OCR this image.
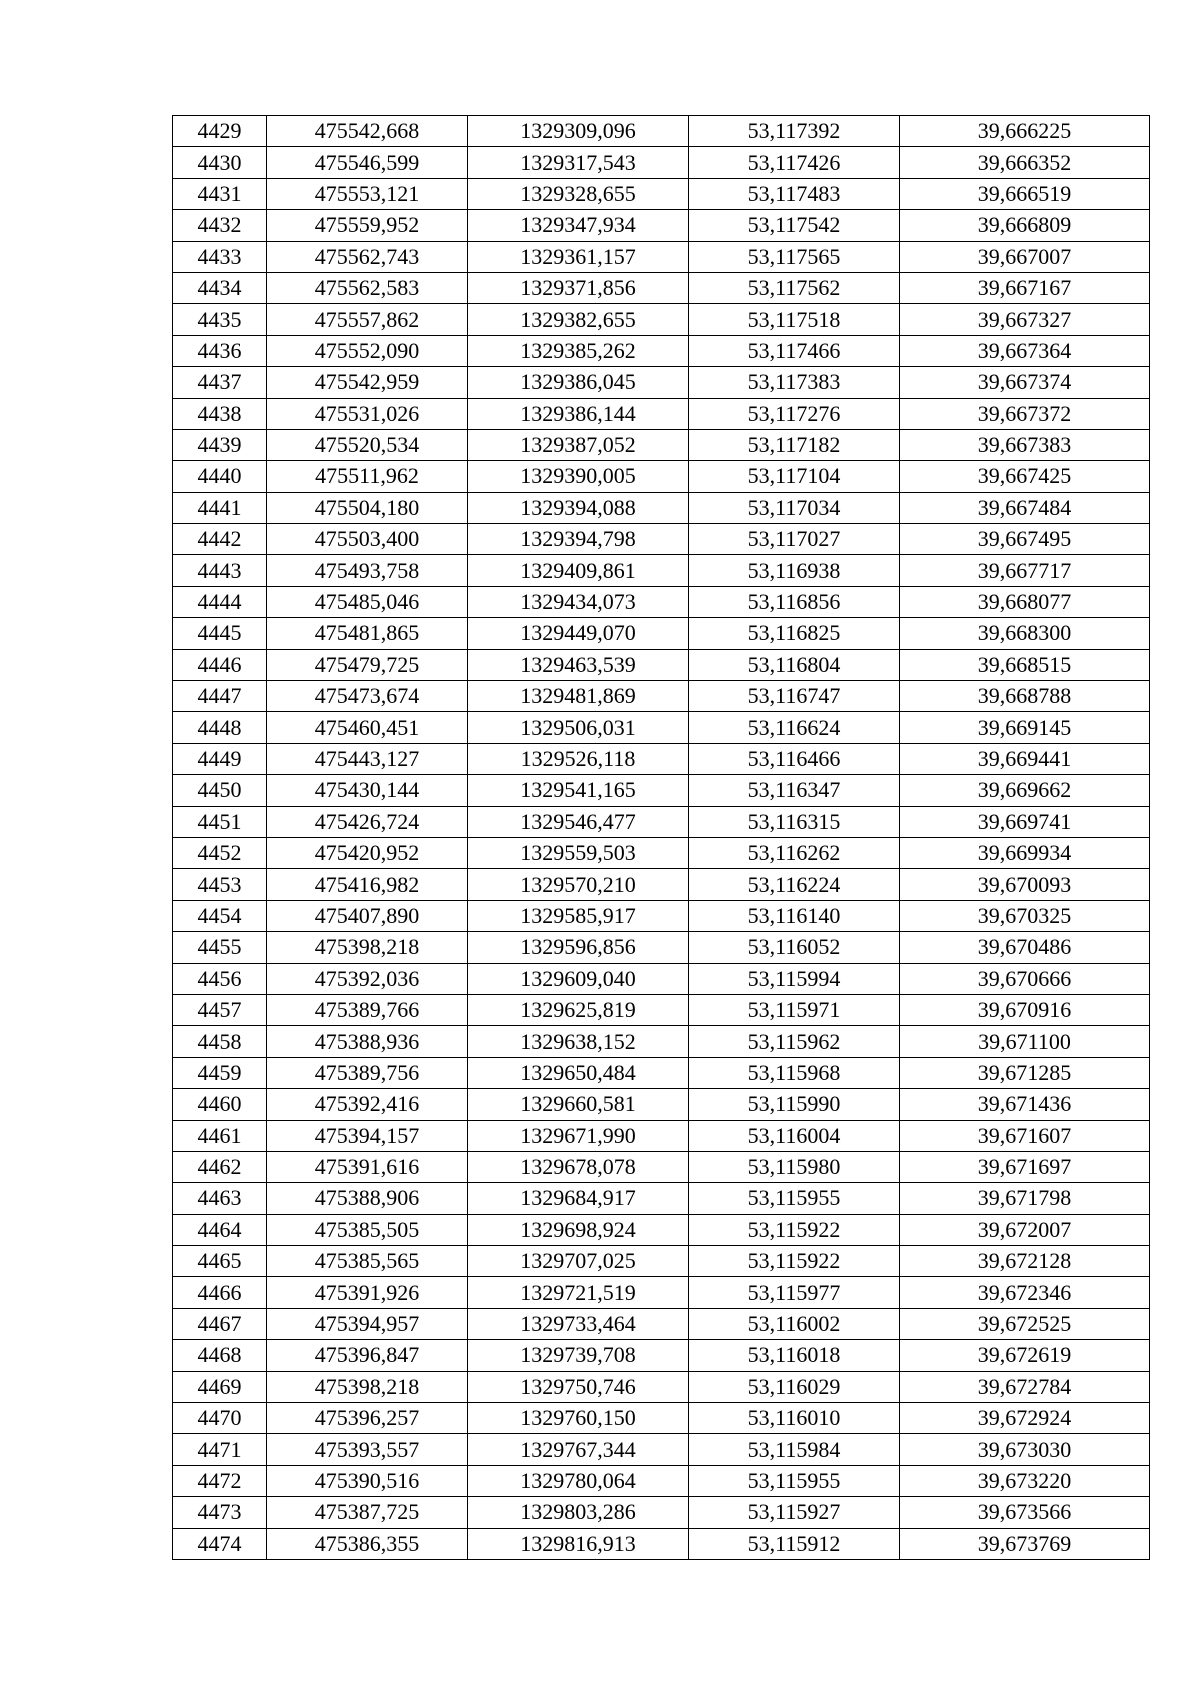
4429	475542,668	1329309,096	53,117392	39,666225
4430	475546,599	1329317,543	53,117426	39,666352
4431	475553,121	1329328,655	53,117483	39,666519
4432	475559,952	1329347,934	53,117542	39,666809
4433	475562,743	1329361,157	53,117565	39,667007
4434	475562,583	1329371,856	53,117562	39,667167
4435	475557,862	1329382,655	53,117518	39,667327
4436	475552,090	1329385,262	53,117466	39,667364
4437	475542,959	1329386,045	53,117383	39,667374
4438	475531,026	1329386,144	53,117276	39,667372
4439	475520,534	1329387,052	53,117182	39,667383
4440	475511,962	1329390,005	53,117104	39,667425
4441	475504,180	1329394,088	53,117034	39,667484
4442	475503,400	1329394,798	53,117027	39,667495
4443	475493,758	1329409,861	53,116938	39,667717
4444	475485,046	1329434,073	53,116856	39,668077
4445	475481,865	1329449,070	53,116825	39,668300
4446	475479,725	1329463,539	53,116804	39,668515
4447	475473,674	1329481,869	53,116747	39,668788
4448	475460,451	1329506,031	53,116624	39,669145
4449	475443,127	1329526,118	53,116466	39,669441
4450	475430,144	1329541,165	53,116347	39,669662
4451	475426,724	1329546,477	53,116315	39,669741
4452	475420,952	1329559,503	53,116262	39,669934
4453	475416,982	1329570,210	53,116224	39,670093
4454	475407,890	1329585,917	53,116140	39,670325
4455	475398,218	1329596,856	53,116052	39,670486
4456	475392,036	1329609,040	53,115994	39,670666
4457	475389,766	1329625,819	53,115971	39,670916
4458	475388,936	1329638,152	53,115962	39,671100
4459	475389,756	1329650,484	53,115968	39,671285
4460	475392,416	1329660,581	53,115990	39,671436
4461	475394,157	1329671,990	53,116004	39,671607
4462	475391,616	1329678,078	53,115980	39,671697
4463	475388,906	1329684,917	53,115955	39,671798
4464	475385,505	1329698,924	53,115922	39,672007
4465	475385,565	1329707,025	53,115922	39,672128
4466	475391,926	1329721,519	53,115977	39,672346
4467	475394,957	1329733,464	53,116002	39,672525
4468	475396,847	1329739,708	53,116018	39,672619
4469	475398,218	1329750,746	53,116029	39,672784
4470	475396,257	1329760,150	53,116010	39,672924
4471	475393,557	1329767,344	53,115984	39,673030
4472	475390,516	1329780,064	53,115955	39,673220
4473	475387,725	1329803,286	53,115927	39,673566
4474	475386,355	1329816,913	53,115912	39,673769
